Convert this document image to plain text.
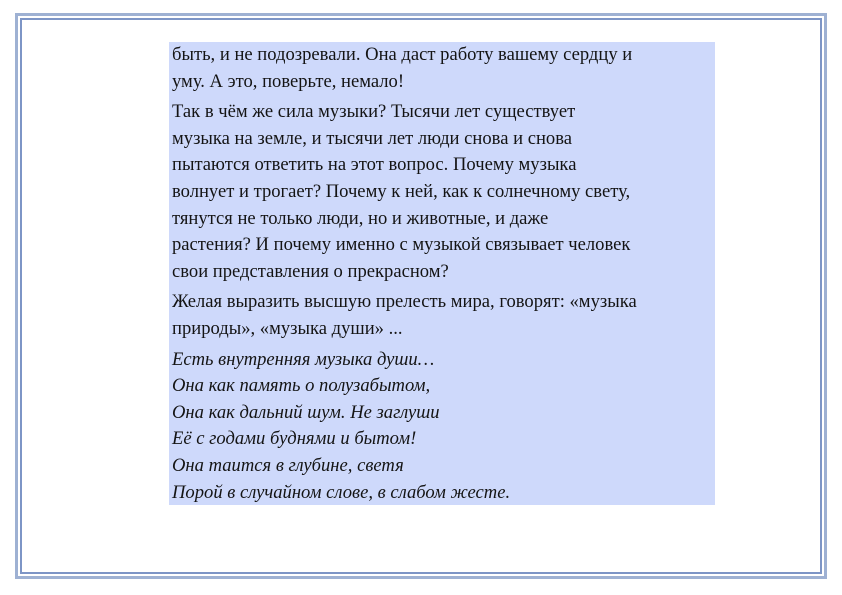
быть, и не подозревали. Она даст работу вашему сердцу и
уму. А это, поверьте, немало!
Так в чём же сила музыки? Тысячи лет существует
музыка на земле, и тысячи лет люди снова и снова
пытаются ответить на этот вопрос. Почему музыка
волнует и трогает? Почему к ней, как к солнечному свету,
тянутся не только люди, но и животные, и даже
растения? И почему именно с музыкой связывает человек
свои представления о прекрасном?
Желая выразить высшую прелесть мира, говорят: «музыка
природы», «музыка души» ...
Есть внутренняя музыка души…
Она как память о полузабытом,
Она как дальний шум. Не заглуши
Её с годами буднями и бытом!
Она таится в глубине, светя
Порой в случайном слове, в слабом жесте.
